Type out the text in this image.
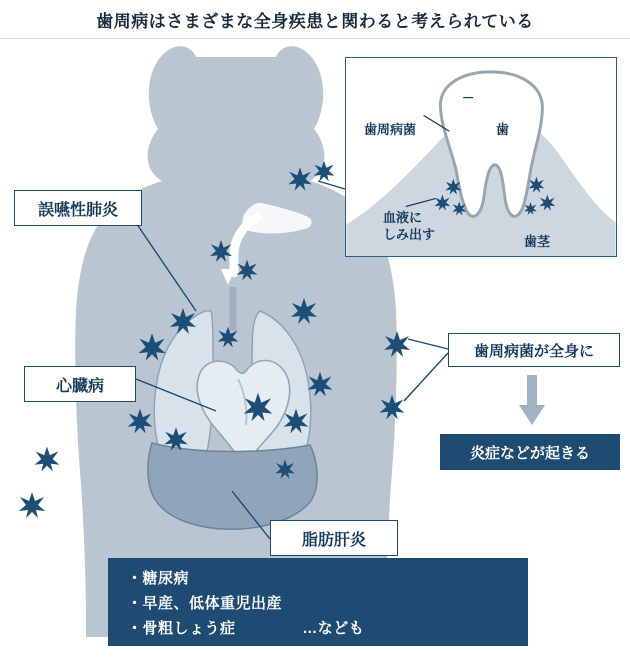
歯周病はさまざまな全身疾患と関わると考えられている
歯周病菌	歯
血液に
しみ出す	歯茎
誤嚥性肺炎
心臓病
脂肪肝炎
歯周病菌が全身に
炎症などが起きる
・糖尿病
・早産、低体重児出産
・骨粗しょう症	…なども
